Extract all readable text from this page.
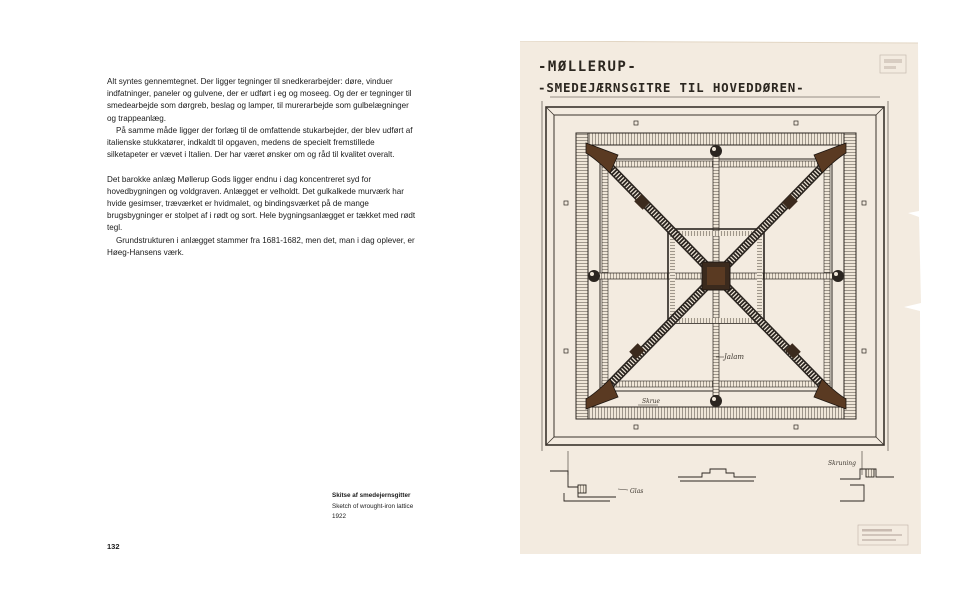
Alt syntes gennemtegnet. Der ligger tegninger til snedkerarbejder: døre, vinduer indfatninger, paneler og gulvene, der er udført i eg og moseeg. Og der er tegninger til smedearbejde som dørgreb, beslag og lamper, til murerarbejde som gulbelægninger og trappeanlæg.

På samme måde ligger der forlæg til de omfattende stukarbejder, der blev udført af italienske stukkatører, indkaldt til opgaven, medens de specielt fremstillede silketapeter er vævet i Italien. Der har været ønsker om og råd til kvalitet overalt.

Det barokke anlæg Møllerup Gods ligger endnu i dag koncentreret syd for hovedbygningen og voldgraven. Anlægget er velholdt. Det gulkalkede murværk har hvide gesimser, træværket er hvidmalet, og bindingsværket på de mange brugsbygninger er stolpet af i rødt og sort. Hele bygningsanlægget er tækket med rødt tegl.

Grundstrukturen i anlægget stammer fra 1681-1682, men det, man i dag oplever, er Høeg-Hansens værk.

Skitse af smedejernsgitter
Sketch of wrought-iron lattice
1922
132
-MØLLERUP-
-SMEDEJÆRNSGITRE TIL HOVEDDØREN-
Jalam
Skrue
Glas
Skruning
